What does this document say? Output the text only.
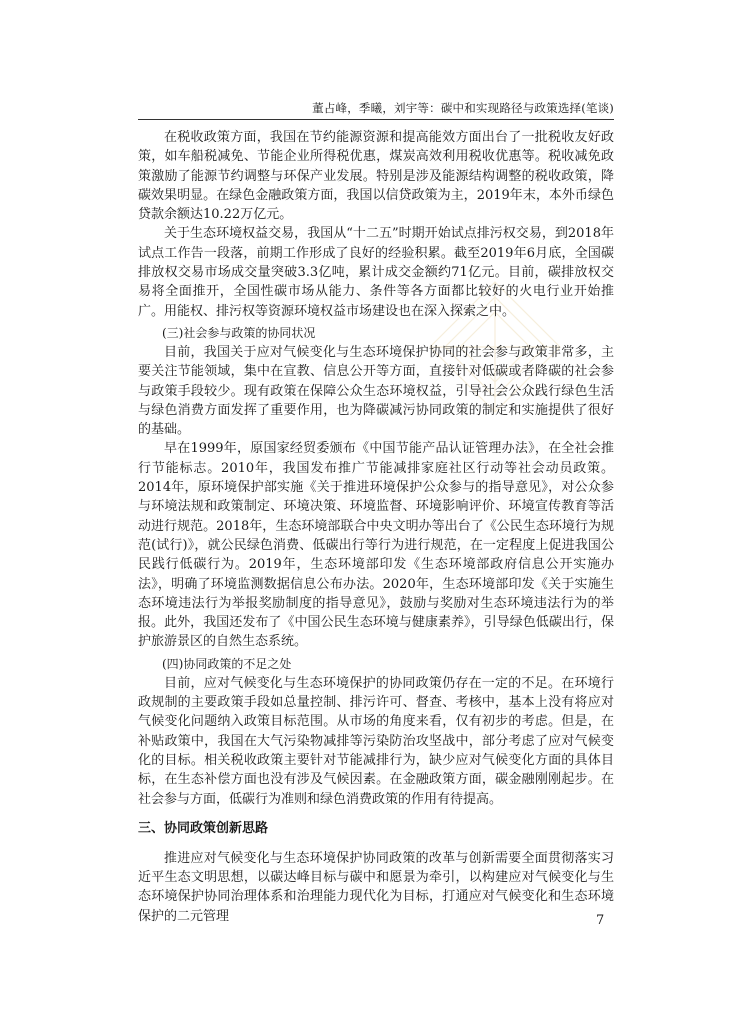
董占峰，季曦，刘宇等：碳中和实现路径与政策选择(笔谈)

在税收政策方面，我国在节约能源资源和提高能效方面出台了一批税收友好政策，如车船税减免、节能企业所得税优惠，煤炭高效利用税收优惠等。税收减免政策激励了能源节约调整与环保产业发展。特别是涉及能源结构调整的税收政策，降碳效果明显。在绿色金融政策方面，我国以信贷政策为主，2019年末，本外币绿色贷款余额达10.22万亿元。

关于生态环境权益交易，我国从“十二五”时期开始试点排污权交易，到2018年试点工作告一段落，前期工作形成了良好的经验积累。截至2019年6月底，全国碳排放权交易市场成交量突破3.3亿吨，累计成交金额约71亿元。目前，碳排放权交易将全面推开，全国性碳市场从能力、条件等各方面都比较好的火电行业开始推广。用能权、排污权等资源环境权益市场建设也在深入探索之中。

(三)社会参与政策的协同状况

目前，我国关于应对气候变化与生态环境保护协同的社会参与政策非常多，主要关注节能领域，集中在宣教、信息公开等方面，直接针对低碳或者降碳的社会参与政策手段较少。现有政策在保障公众生态环境权益，引导社会公众践行绿色生活与绿色消费方面发挥了重要作用，也为降碳减污协同政策的制定和实施提供了很好的基础。

早在1999年，原国家经贸委颁布《中国节能产品认证管理办法》，在全社会推行节能标志。2010年，我国发布推广节能减排家庭社区行动等社会动员政策。2014年，原环境保护部实施《关于推进环境保护公众参与的指导意见》，对公众参与环境法规和政策制定、环境决策、环境监督、环境影响评价、环境宣传教育等活动进行规范。2018年，生态环境部联合中央文明办等出台了《公民生态环境行为规范(试行)》，就公民绿色消费、低碳出行等行为进行规范，在一定程度上促进我国公民践行低碳行为。2019年，生态环境部印发《生态环境部政府信息公开实施办法》，明确了环境监测数据信息公布办法。2020年，生态环境部印发《关于实施生态环境违法行为举报奖励制度的指导意见》，鼓励与奖励对生态环境违法行为的举报。此外，我国还发布了《中国公民生态环境与健康素养》，引导绿色低碳出行，保护旅游景区的自然生态系统。

(四)协同政策的不足之处

目前，应对气候变化与生态环境保护的协同政策仍存在一定的不足。在环境行政规制的主要政策手段如总量控制、排污许可、督查、考核中，基本上没有将应对气候变化问题纳入政策目标范围。从市场的角度来看，仅有初步的考虑。但是，在补贴政策中，我国在大气污染物减排等污染防治攻坚战中，部分考虑了应对气候变化的目标。相关税收政策主要针对节能减排行为，缺少应对气候变化方面的具体目标，在生态补偿方面也没有涉及气候因素。在金融政策方面，碳金融刚刚起步。在社会参与方面，低碳行为准则和绿色消费政策的作用有待提高。

三、协同政策创新思路

推进应对气候变化与生态环境保护协同政策的改革与创新需要全面贯彻落实习近平生态文明思想，以碳达峰目标与碳中和愿景为牵引，以构建应对气候变化与生态环境保护协同治理体系和治理能力现代化为目标，打通应对气候变化和生态环境保护的二元管理	7
